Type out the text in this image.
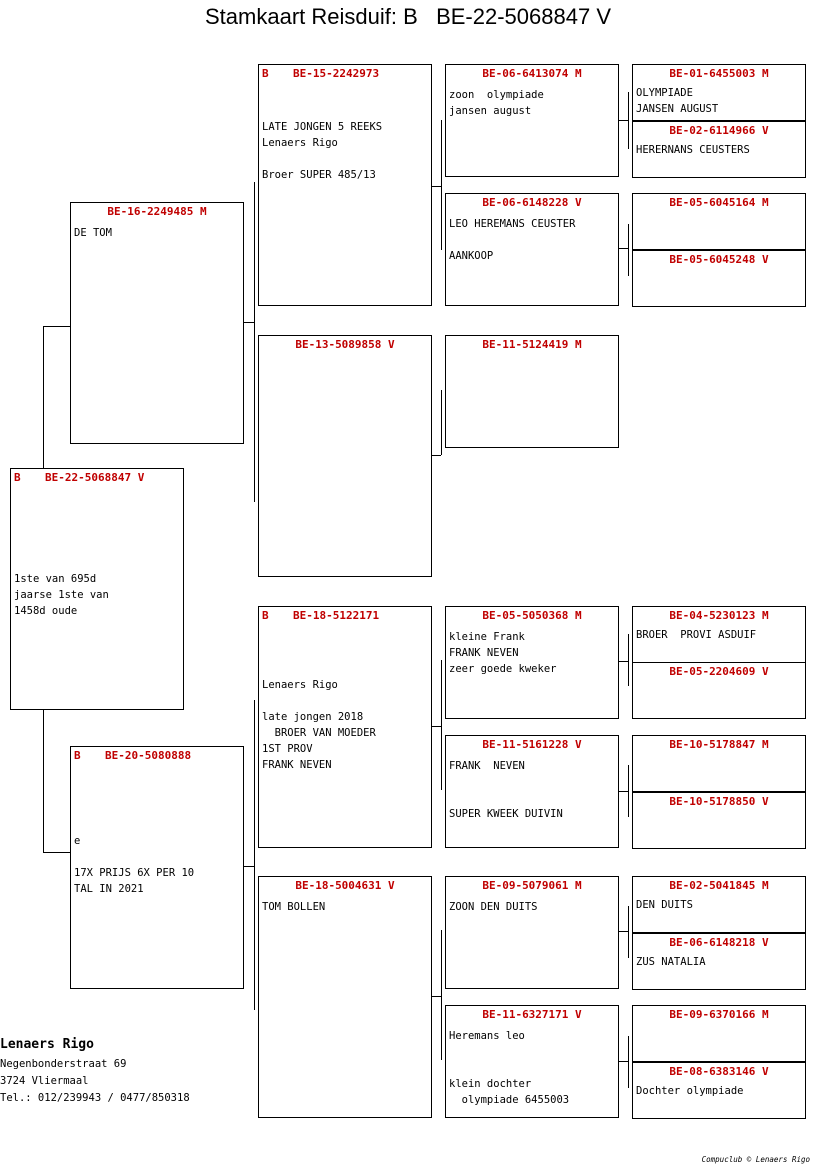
Stamkaart Reisduif: B   BE-22-5068847 V
B BE-22-5068847 V

1ste van 695d
jaarse 1ste van
1458d oude

BE-16-2249485 M
DE TOM
B BE-20-5080888

e
17X PRIJS 6X PER 10
TAL IN 2021

B BE-15-2242973

LATE JONGEN 5 REEKS
Lenaers Rigo
Broer SUPER 485/13

BE-13-5089858 V
B BE-18-5122171

Lenaers Rigo
late jongen 2018
BROER VAN MOEDER
1ST PROV
FRANK NEVEN

BE-18-5004631 V
TOM BOLLEN
BE-06-6413074 M
zoon  olympiade
jansen august
BE-06-6148228 V
LEO HEREMANS CEUSTER
AANKOOP
BE-11-5124419 M
BE-05-5050368 M
kleine Frank
FRANK NEVEN
zeer goede kweker
BE-11-5161228 V
FRANK  NEVEN
SUPER KWEEK DUIVIN
BE-09-5079061 M
ZOON DEN DUITS
BE-11-6327171 V
Heremans leo
klein dochter
olympiade 6455003
BE-01-6455003 M
OLYMPIADE
JANSEN AUGUST
BE-02-6114966 V
HERERNANS CEUSTERS
BE-05-6045164 M
BE-05-6045248 V
BE-04-5230123 M
BROER  PROVI ASDUIF
BE-05-2204609 V
BE-10-5178847 M
BE-10-5178850 V
BE-02-5041845 M
DEN DUITS
BE-06-6148218 V
ZUS NATALIA
BE-09-6370166 M
BE-08-6383146 V
Dochter olympiade
Lenaers Rigo
Negenbonderstraat 69
3724 Vliermaal
Tel.: 012/239943 / 0477/850318
Compuclub © Lenaers Rigo
